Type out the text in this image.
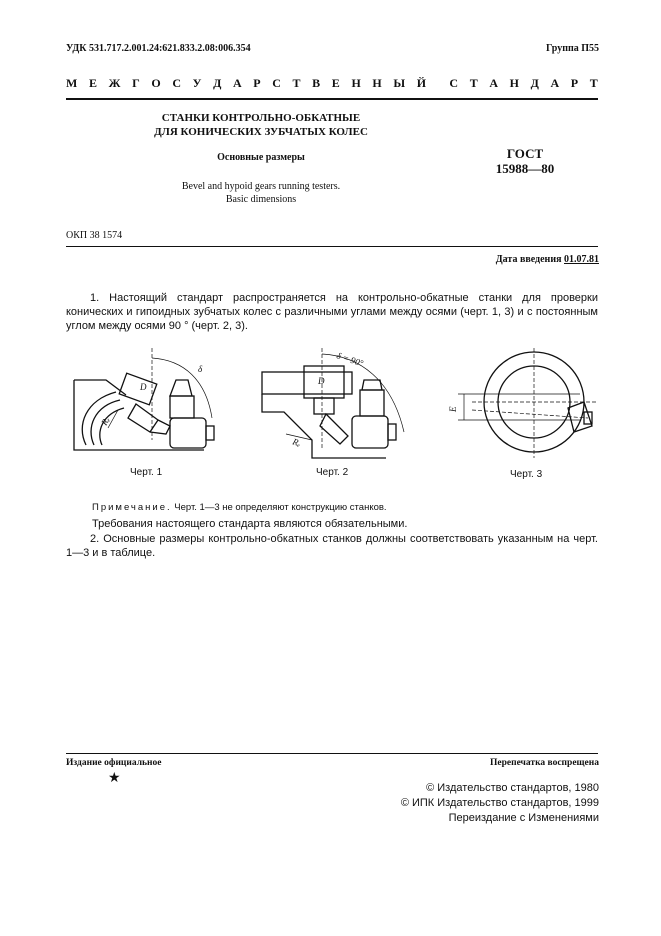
УДК 531.717.2.001.24:621.833.2.08:006.354	Группа П55
М Е Ж Г О С У Д А Р С Т В Е Н Н Ы Й С Т А Н Д А Р Т
СТАНКИ КОНТРОЛЬНО-ОБКАТНЫЕ
ДЛЯ КОНИЧЕСКИХ ЗУБЧАТЫХ КОЛЕС
Основные размеры
Bevel and hypoid gears running testers.
Basic dimensions
ГОСТ
15988—80
ОКП 38 1574
Дата введения 01.07.81
1. Настоящий стандарт распространяется на контрольно-обкатные станки для проверки конических и гипоидных зубчатых колес с различными углами между осями (черт. 1, 3) и с постоянным углом между осями 90 ° (черт. 2, 3).
D
δ
Rₑ
D
δ = 90°
Rₑ
E
Черт. 1	Черт. 2	Черт. 3
Примечание. Черт. 1—3 не определяют конструкцию станков.
Требования настоящего стандарта являются обязательными.
2. Основные размеры контрольно-обкатных станков должны соответствовать указанным на черт. 1—3 и в таблице.
Издание официальное
★
Перепечатка воспрещена
© Издательство стандартов, 1980
© ИПК Издательство стандартов, 1999
Переиздание с Изменениями
